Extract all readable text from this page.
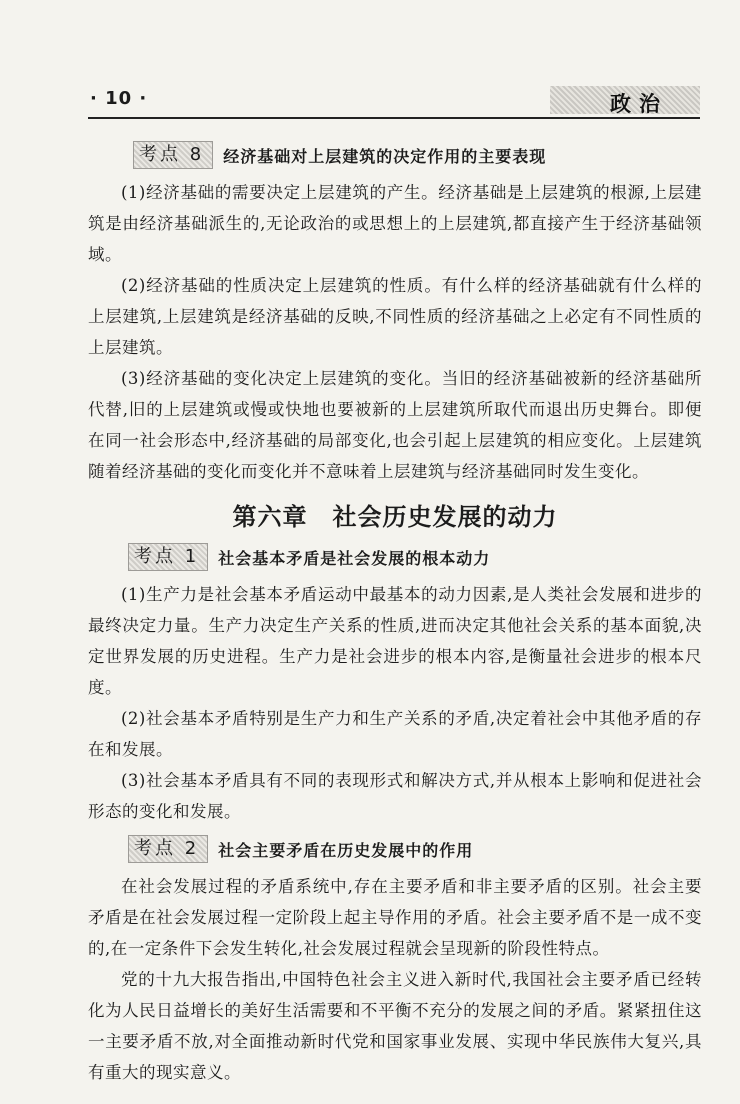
· 10 ·	政治
考点 8	经济基础对上层建筑的决定作用的主要表现

(1)经济基础的需要决定上层建筑的产生。经济基础是上层建筑的根源,上层建筑是由经济基础派生的,无论政治的或思想上的上层建筑,都直接产生于经济基础领域。

(2)经济基础的性质决定上层建筑的性质。有什么样的经济基础就有什么样的上层建筑,上层建筑是经济基础的反映,不同性质的经济基础之上必定有不同性质的上层建筑。

(3)经济基础的变化决定上层建筑的变化。当旧的经济基础被新的经济基础所代替,旧的上层建筑或慢或快地也要被新的上层建筑所取代而退出历史舞台。即便在同一社会形态中,经济基础的局部变化,也会引起上层建筑的相应变化。上层建筑随着经济基础的变化而变化并不意味着上层建筑与经济基础同时发生变化。

第六章　社会历史发展的动力
考点 1	社会基本矛盾是社会发展的根本动力

(1)生产力是社会基本矛盾运动中最基本的动力因素,是人类社会发展和进步的最终决定力量。生产力决定生产关系的性质,进而决定其他社会关系的基本面貌,决定世界发展的历史进程。生产力是社会进步的根本内容,是衡量社会进步的根本尺度。

(2)社会基本矛盾特别是生产力和生产关系的矛盾,决定着社会中其他矛盾的存在和发展。

(3)社会基本矛盾具有不同的表现形式和解决方式,并从根本上影响和促进社会形态的变化和发展。

考点 2	社会主要矛盾在历史发展中的作用

在社会发展过程的矛盾系统中,存在主要矛盾和非主要矛盾的区别。社会主要矛盾是在社会发展过程一定阶段上起主导作用的矛盾。社会主要矛盾不是一成不变的,在一定条件下会发生转化,社会发展过程就会呈现新的阶段性特点。

党的十九大报告指出,中国特色社会主义进入新时代,我国社会主要矛盾已经转化为人民日益增长的美好生活需要和不平衡不充分的发展之间的矛盾。紧紧扭住这一主要矛盾不放,对全面推动新时代党和国家事业发展、实现中华民族伟大复兴,具有重大的现实意义。
